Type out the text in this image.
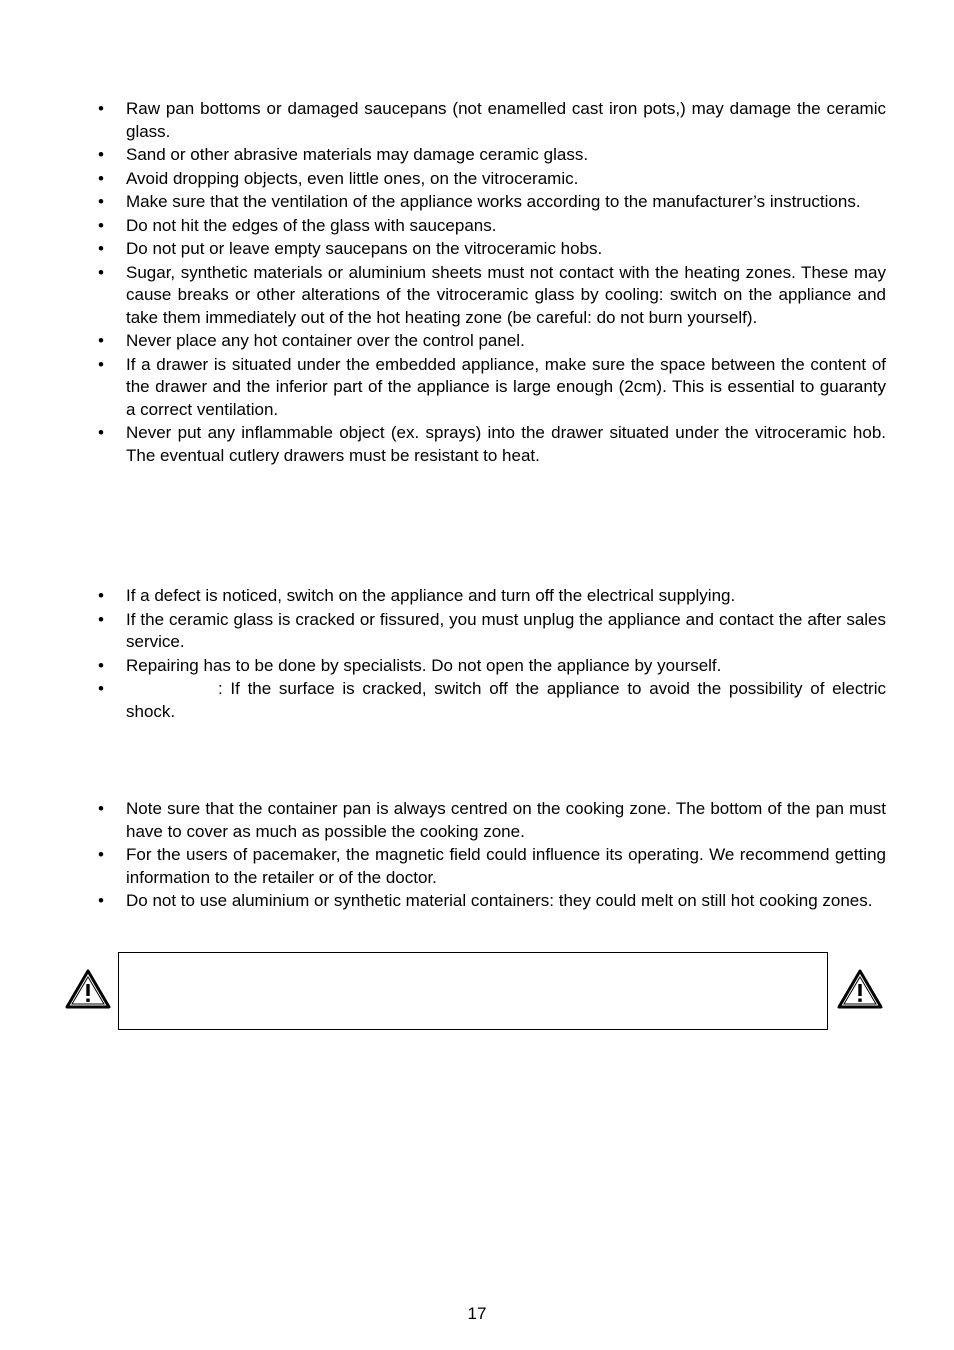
• Raw pan bottoms or damaged saucepans (not enamelled cast iron pots,) may damage the ceramic glass.
• Sand or other abrasive materials may damage ceramic glass.
• Avoid dropping objects, even little ones, on the vitroceramic.
• Make sure that the ventilation of the appliance works according to the manufacturer’s instructions.
• Do not hit the edges of the glass with saucepans.
• Do not put or leave empty saucepans on the vitroceramic hobs.
• Sugar, synthetic materials or aluminium sheets must not contact with the heating zones. These may cause breaks or other alterations of the vitroceramic glass by cooling: switch on the appliance and take them immediately out of the hot heating zone (be careful: do not burn yourself).
• Never place any hot container over the control panel.
• If a drawer is situated under the embedded appliance, make sure the space between the content of the drawer and the inferior part of the appliance is large enough (2cm). This is essential to guaranty a correct ventilation.
• Never put any inflammable object (ex. sprays) into the drawer situated under the vitroceramic hob. The eventual cutlery drawers must be resistant to heat.
• If a defect is noticed, switch on the appliance and turn off the electrical supplying.
• If the ceramic glass is cracked or fissured, you must unplug the appliance and contact the after sales service.
• Repairing has to be done by specialists. Do not open the appliance by yourself.
•	: If the surface is cracked, switch off the appliance to avoid the possibility of electric shock.
• Note sure that the container pan is always centred on the cooking zone. The bottom of the pan must have to cover as much as possible the cooking zone.
• For the users of pacemaker, the magnetic field could influence its operating. We recommend getting information to the retailer or of the doctor.
• Do not to use aluminium or synthetic material containers: they could melt on still hot cooking zones.
17
